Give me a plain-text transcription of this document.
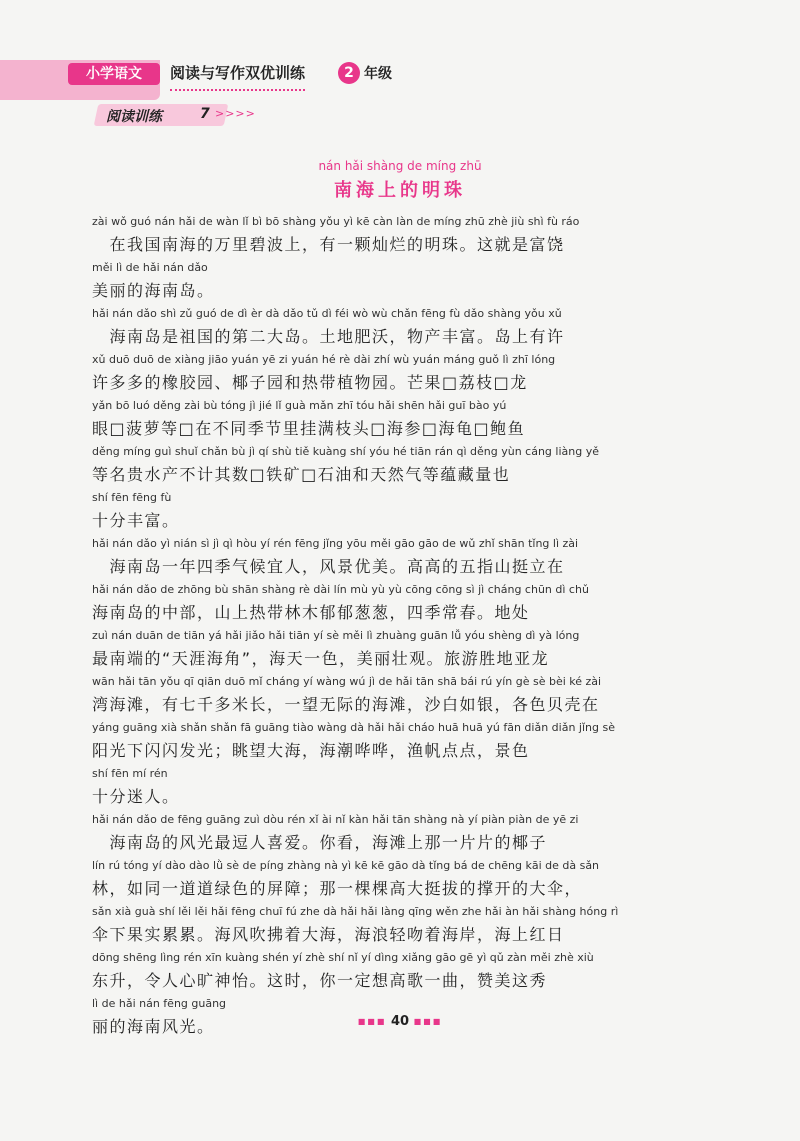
小学语文	阅读与写作双优训练	2 年级
阅读训练	7 >>>>
nán hǎi shàng de míng zhū
南海上的明珠
zài wǒ guó nán hǎi de wàn lǐ bì bō shàng yǒu yì kē càn làn de míng zhū zhè jiù shì fù ráo
　在我国南海的万里碧波上，有一颗灿烂的明珠。这就是富饶
měi lì de hǎi nán dǎo
美丽的海南岛。
hǎi nán dǎo shì zǔ guó de dì èr dà dǎo tǔ dì féi wò wù chǎn fēng fù dǎo shàng yǒu xǔ
　海南岛是祖国的第二大岛。土地肥沃，物产丰富。岛上有许
xǔ duō duō de xiàng jiāo yuán yē zi yuán hé rè dài zhí wù yuán máng guǒ lì zhī lóng
许多多的橡胶园、椰子园和热带植物园。芒果□荔枝□龙
yǎn bō luó děng zài bù tóng jì jié lǐ guà mǎn zhī tóu hǎi shēn hǎi guī bào yú
眼□菠萝等□在不同季节里挂满枝头□海参□海龟□鲍鱼
děng míng guì shuǐ chǎn bù jì qí shù tiě kuàng shí yóu hé tiān rán qì děng yùn cáng liàng yě
等名贵水产不计其数□铁矿□石油和天然气等蕴藏量也
shí fēn fēng fù
十分丰富。
hǎi nán dǎo yì nián sì jì qì hòu yí rén fēng jǐng yōu měi gāo gāo de wǔ zhǐ shān tǐng lì zài
　海南岛一年四季气候宜人，风景优美。高高的五指山挺立在
hǎi nán dǎo de zhōng bù shān shàng rè dài lín mù yù yù cōng cōng sì jì cháng chūn dì chǔ
海南岛的中部，山上热带林木郁郁葱葱，四季常春。地处
zuì nán duān de tiān yá hǎi jiǎo hǎi tiān yí sè měi lì zhuàng guān lǚ yóu shèng dì yà lóng
最南端的“天涯海角”，海天一色，美丽壮观。旅游胜地亚龙
wān hǎi tān yǒu qī qiān duō mǐ cháng yí wàng wú jì de hǎi tān shā bái rú yín gè sè bèi ké zài
湾海滩，有七千多米长，一望无际的海滩，沙白如银，各色贝壳在
yáng guāng xià shǎn shǎn fā guāng tiào wàng dà hǎi hǎi cháo huā huā yú fān diǎn diǎn jǐng sè
阳光下闪闪发光；眺望大海，海潮哗哗，渔帆点点，景色
shí fēn mí rén
十分迷人。
hǎi nán dǎo de fēng guāng zuì dòu rén xǐ ài nǐ kàn hǎi tān shàng nà yí piàn piàn de yē zi
　海南岛的风光最逗人喜爱。你看，海滩上那一片片的椰子
lín rú tóng yí dào dào lǜ sè de píng zhàng nà yì kē kē gāo dà tǐng bá de chēng kāi de dà sǎn
林，如同一道道绿色的屏障；那一棵棵高大挺拔的撑开的大伞，
sǎn xià guà shí lěi lěi hǎi fēng chuī fú zhe dà hǎi hǎi làng qīng wěn zhe hǎi àn hǎi shàng hóng rì
伞下果实累累。海风吹拂着大海，海浪轻吻着海岸，海上红日
dōng shēng lìng rén xīn kuàng shén yí zhè shí nǐ yí dìng xiǎng gāo gē yì qǔ zàn měi zhè xiù
东升，令人心旷神怡。这时，你一定想高歌一曲，赞美这秀
lì de hǎi nán fēng guāng
丽的海南风光。	■■■ 40 ■■■
